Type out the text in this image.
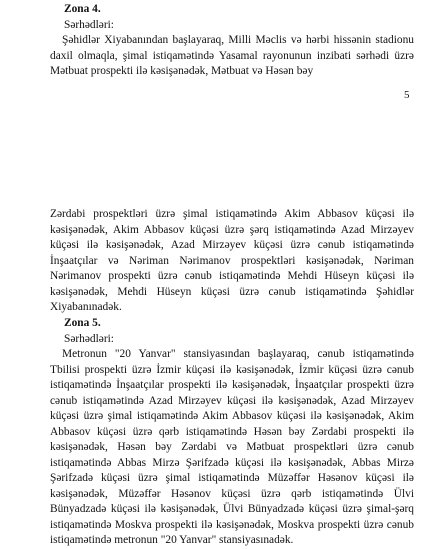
Zona 4.
Sərhədləri:

Şəhidlər Xiyabanından başlayaraq, Milli Məclis və hərbi hissənin stadionu daxil olmaqla, şimal istiqamətində Yasamal rayonunun inzibati sərhədi üzrə Mətbuat prospekti ilə kəsişənədək, Mətbuat və Həsən bəy

5

Zərdabi prospektləri üzrə şimal istiqamətində Akim Abbasov küçəsi ilə kəsişənədək, Akim Abbasov küçəsi üzrə şərq istiqamətində Azad Mirzəyev küçəsi ilə kəsişənədək, Azad Mirzəyev küçəsi üzrə cənub istiqamətində İnşaatçılar və Nəriman Nərimanov prospektləri kəsişənədək, Nəriman Nərimanov prospekti üzrə cənub istiqamətində Mehdi Hüseyn küçəsi ilə kəsişənədək, Mehdi Hüseyn küçəsi üzrə cənub istiqamətində Şəhidlər Xiyabanınadək.

Zona 5.
Sərhədləri:

Metronun "20 Yanvar" stansiyasından başlayaraq, cənub istiqamətində Tbilisi prospekti üzrə İzmir küçəsi ilə kəsişənədək, İzmir küçəsi üzrə cənub istiqamətində İnşaatçılar prospekti ilə kəsişənədək, İnşaatçılar prospekti üzrə cənub istiqamətində Azad Mirzəyev küçəsi ilə kəsişənədək, Azad Mirzəyev küçəsi üzrə şimal istiqamətində Akim Abbasov küçəsi ilə kəsişənədək, Akim Abbasov küçəsi üzrə qərb istiqamətində Həsən bəy Zərdabi prospekti ilə kəsişənədək, Həsən bəy Zərdabi və Mətbuat prospektləri üzrə cənub istiqamətində Abbas Mirzə Şərifzadə küçəsi ilə kəsişənədək, Abbas Mirzə Şərifzadə küçəsi üzrə şimal istiqamətində Müzəffər Həsənov küçəsi ilə kəsişənədək, Müzəffər Həsənov küçəsi üzrə qərb istiqamətində Ülvi Bünyadzadə küçəsi ilə kəsişənədək, Ülvi Bünyadzadə küçəsi üzrə şimal-şərq istiqamətində Moskva prospekti ilə kəsişənədək, Moskva prospekti üzrə cənub istiqamətində metronun "20 Yanvar" stansiyasınadək.
